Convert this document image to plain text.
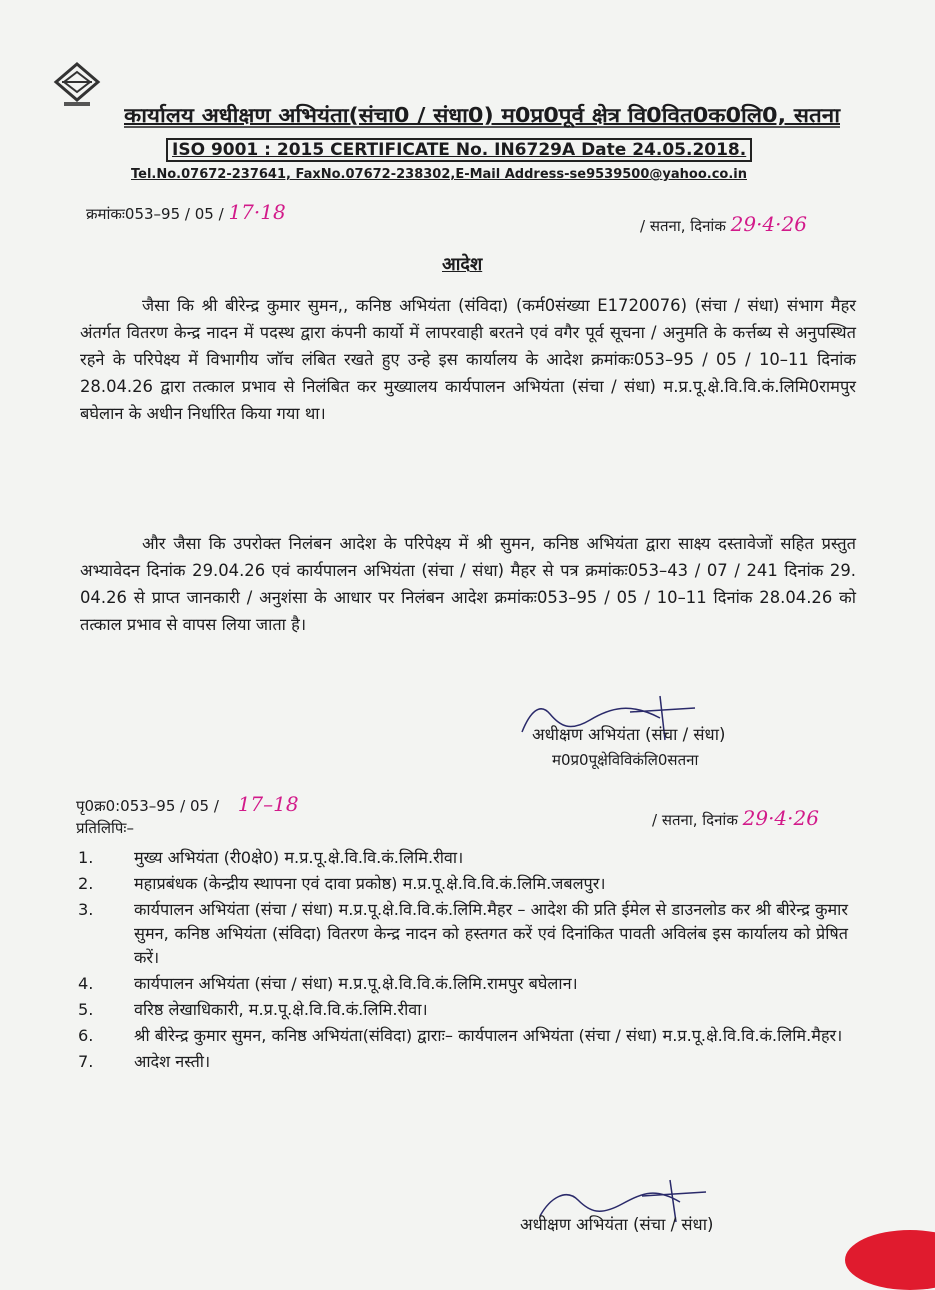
कार्यालय अधीक्षण अभियंता(संचा0 / संधा0) म0प्र0पूर्व क्षेत्र वि0वित0क0लि0, सतना
ISO 9001 : 2015 CERTIFICATE No. IN6729A Date 24.05.2018.
Tel.No.07672-237641, FaxNo.07672-238302,E-Mail Address-se9539500@yahoo.co.in
क्रमांकः053–95 / 05 / 17·18
/ सतना, दिनांक 29·4·26
आदेश
जैसा कि श्री बीरेन्द्र कुमार सुमन,, कनिष्ठ अभियंता (संविदा) (कर्म0संख्या E1720076) (संचा / संधा) संभाग मैहर अंतर्गत वितरण केन्द्र नादन में पदस्थ द्वारा कंपनी कार्यो में लापरवाही बरतने एवं वगैर पूर्व सूचना / अनुमति के कर्त्तब्य से अनुपस्थित रहने के परिपेक्ष्य में विभागीय जॉच लंबित रखते हुए उन्हे इस कार्यालय के आदेश क्रमांकः053–95 / 05 / 10–11 दिनांक 28.04.26 द्वारा तत्काल प्रभाव से निलंबित कर मुख्यालय कार्यपालन अभियंता (संचा / संधा) म.प्र.पू.क्षे.वि.वि.कं.लिमि0रामपुर बघेलान के अधीन निर्धारित किया गया था।
और जैसा कि उपरोक्त निलंबन आदेश के परिपेक्ष्य में श्री सुमन, कनिष्ठ अभियंता द्वारा साक्ष्य दस्तावेजों सहित प्रस्तुत अभ्यावेदन दिनांक 29.04.26 एवं कार्यपालन अभियंता (संचा / संधा) मैहर से पत्र क्रमांकः053–43 / 07 / 241 दिनांक 29. 04.26 से प्राप्त जानकारी / अनुशंसा के आधार पर निलंबन आदेश क्रमांकः053–95 / 05 / 10–11 दिनांक 28.04.26 को तत्काल प्रभाव से वापस लिया जाता है।
अधीक्षण अभियंता (संचा / संधा)
म0प्र0पूक्षेविविकंलि0सतना
पृ0क्र0:053–95 / 05 / 17–18
/ सतना, दिनांक 29·4·26
प्रतिलिपिः–
1.	मुख्य अभियंता (री0क्षे0) म.प्र.पू.क्षे.वि.वि.कं.लिमि.रीवा।
2.	महाप्रबंधक (केन्द्रीय स्थापना एवं दावा प्रकोष्ठ) म.प्र.पू.क्षे.वि.वि.कं.लिमि.जबलपुर।
3.	कार्यपालन अभियंता (संचा / संधा) म.प्र.पू.क्षे.वि.वि.कं.लिमि.मैहर – आदेश की प्रति ईमेल से डाउनलोड कर श्री बीरेन्द्र कुमार सुमन, कनिष्ठ अभियंता (संविदा) वितरण केन्द्र नादन को हस्तगत करें एवं दिनांकित पावती अविलंब इस कार्यालय को प्रेषित करें।
4.	कार्यपालन अभियंता (संचा / संधा) म.प्र.पू.क्षे.वि.वि.कं.लिमि.रामपुर बघेलान।
5.	वरिष्ठ लेखाधिकारी, म.प्र.पू.क्षे.वि.वि.कं.लिमि.रीवा।
6.	श्री बीरेन्द्र कुमार सुमन, कनिष्ठ अभियंता(संविदा) द्वाराः– कार्यपालन अभियंता (संचा / संधा) म.प्र.पू.क्षे.वि.वि.कं.लिमि.मैहर।
7.	आदेश नस्ती।
अधीक्षण अभियंता (संचा / संधा)
